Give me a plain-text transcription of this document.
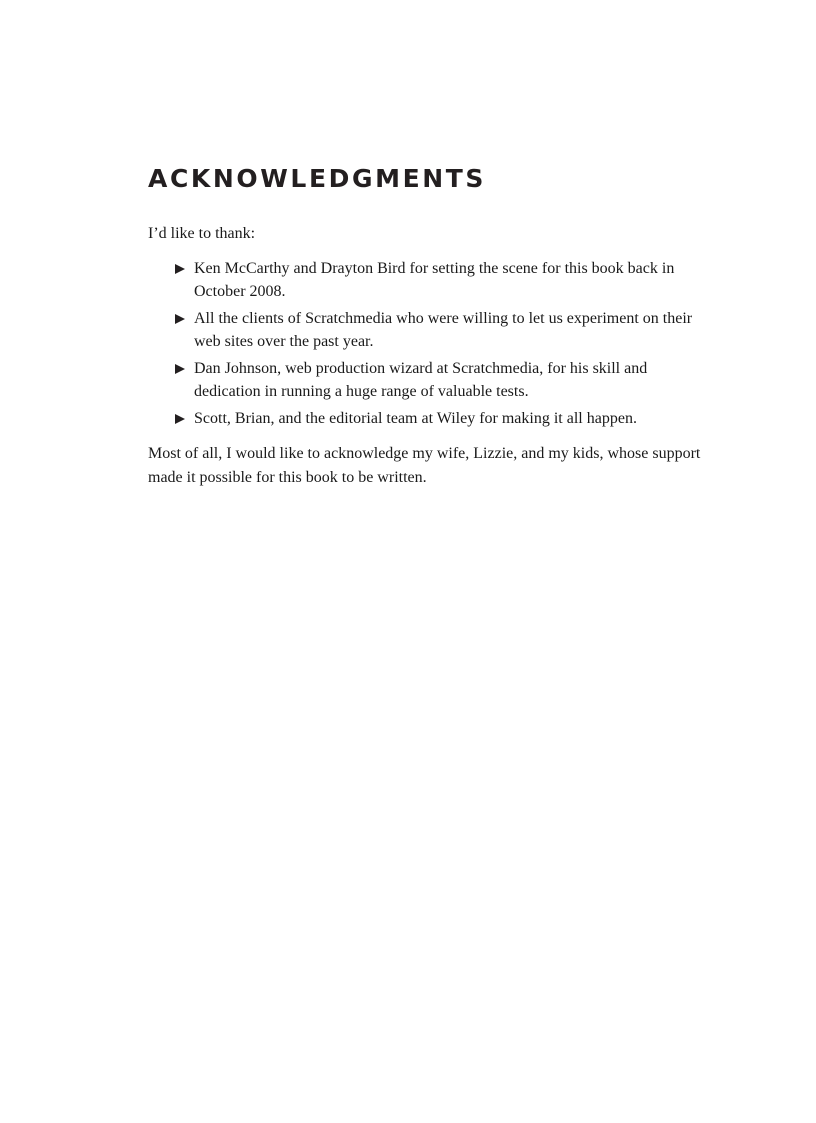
ACKNOWLEDGMENTS

I’d like to thank:

Ken McCarthy and Drayton Bird for setting the scene for this book back in October 2008.
All the clients of Scratchmedia who were willing to let us experiment on their web sites over the past year.
Dan Johnson, web production wizard at Scratchmedia, for his skill and dedication in running a huge range of valuable tests.
Scott, Brian, and the editorial team at Wiley for making it all happen.

Most of all, I would like to acknowledge my wife, Lizzie, and my kids, whose support made it possible for this book to be written.
